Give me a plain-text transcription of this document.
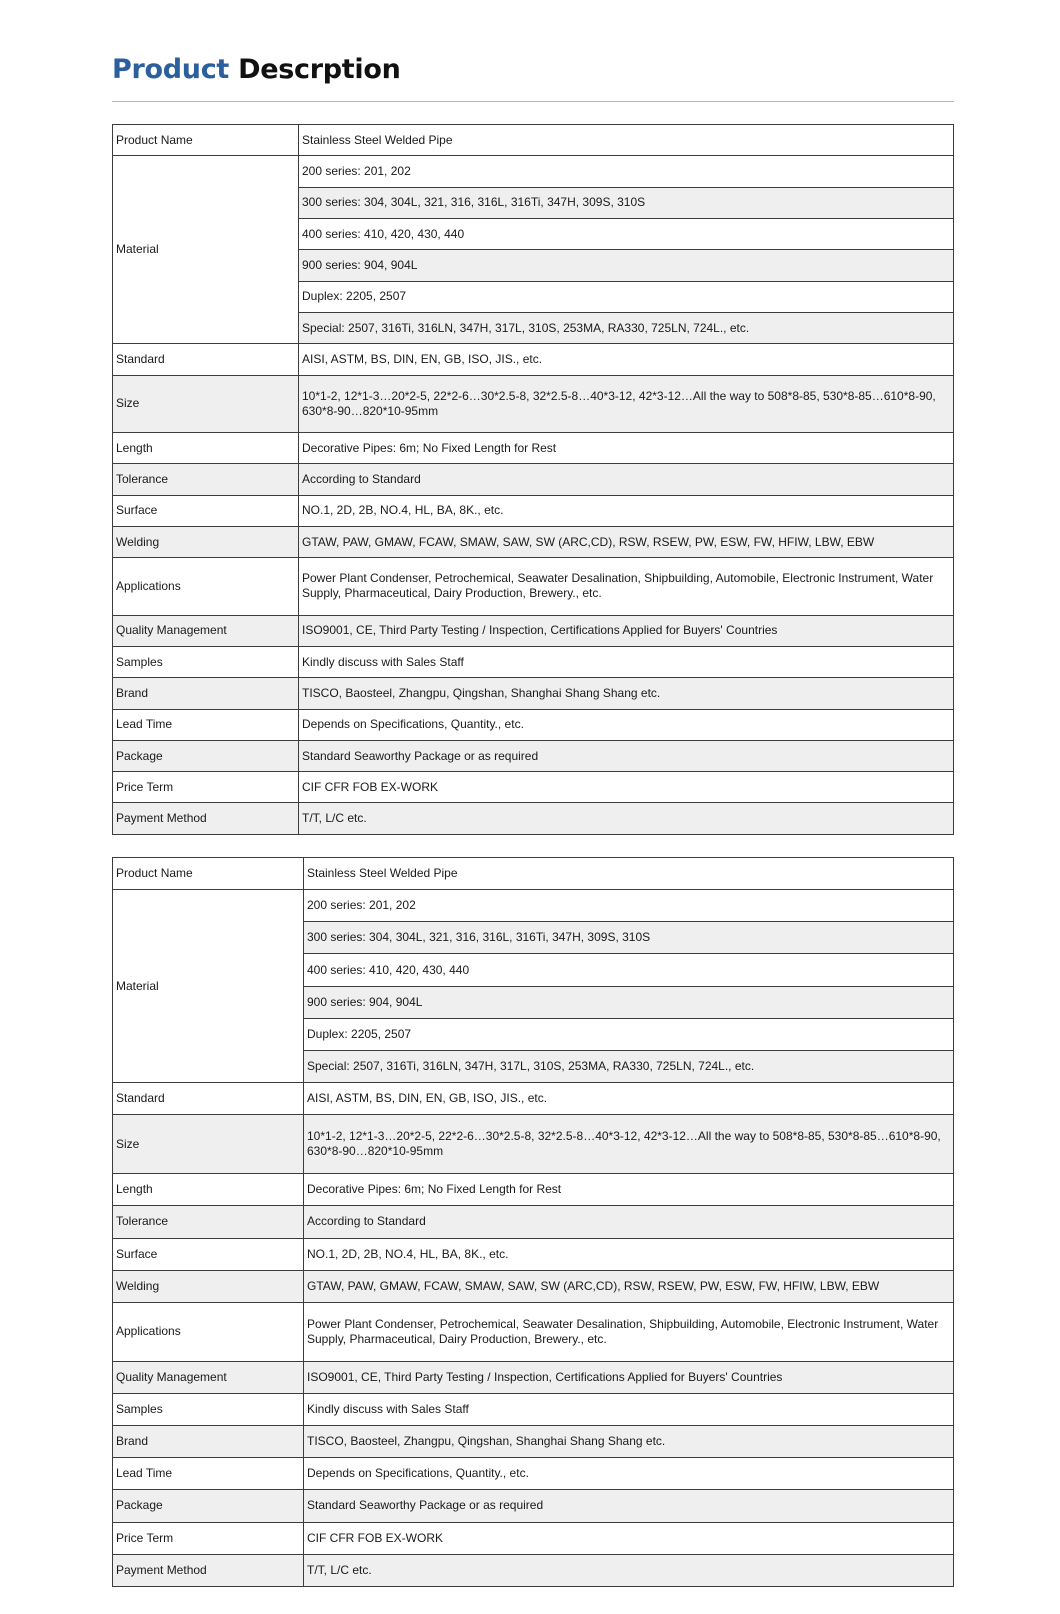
Product Descrption
Product Name	Stainless Steel Welded Pipe
Material	200 series: 201, 202
	300 series: 304, 304L, 321, 316, 316L, 316Ti, 347H, 309S, 310S
	400 series: 410, 420, 430, 440
	900 series: 904, 904L
	Duplex: 2205, 2507
	Special: 2507, 316Ti, 316LN, 347H, 317L, 310S, 253MA, RA330, 725LN, 724L., etc.
Standard	AISI, ASTM, BS, DIN, EN, GB, ISO, JIS., etc.
Size	10*1-2, 12*1-3…20*2-5, 22*2-6…30*2.5-8, 32*2.5-8…40*3-12, 42*3-12…All the way to 508*8-85, 530*8-85…610*8-90, 630*8-90…820*10-95mm
Length	Decorative Pipes: 6m; No Fixed Length for Rest
Tolerance	According to Standard
Surface	NO.1, 2D, 2B, NO.4, HL, BA, 8K., etc.
Welding	GTAW, PAW, GMAW, FCAW, SMAW, SAW, SW (ARC,CD), RSW, RSEW, PW, ESW, FW, HFIW, LBW, EBW
Applications	Power Plant Condenser, Petrochemical, Seawater Desalination, Shipbuilding, Automobile, Electronic Instrument, Water Supply, Pharmaceutical, Dairy Production, Brewery., etc.
Quality Management	ISO9001, CE, Third Party Testing / Inspection, Certifications Applied for Buyers' Countries
Samples	Kindly discuss with Sales Staff
Brand	TISCO, Baosteel, Zhangpu, Qingshan, Shanghai Shang Shang etc.
Lead Time	Depends on Specifications, Quantity., etc.
Package	Standard Seaworthy Package or as required
Price Term	CIF CFR FOB EX-WORK
Payment Method	T/T, L/C etc.
Product Name	Stainless Steel Welded Pipe
Material	200 series: 201, 202
	300 series: 304, 304L, 321, 316, 316L, 316Ti, 347H, 309S, 310S
	400 series: 410, 420, 430, 440
	900 series: 904, 904L
	Duplex: 2205, 2507
	Special: 2507, 316Ti, 316LN, 347H, 317L, 310S, 253MA, RA330, 725LN, 724L., etc.
Standard	AISI, ASTM, BS, DIN, EN, GB, ISO, JIS., etc.
Size	10*1-2, 12*1-3…20*2-5, 22*2-6…30*2.5-8, 32*2.5-8…40*3-12, 42*3-12…All the way to 508*8-85, 530*8-85…610*8-90, 630*8-90…820*10-95mm
Length	Decorative Pipes: 6m; No Fixed Length for Rest
Tolerance	According to Standard
Surface	NO.1, 2D, 2B, NO.4, HL, BA, 8K., etc.
Welding	GTAW, PAW, GMAW, FCAW, SMAW, SAW, SW (ARC,CD), RSW, RSEW, PW, ESW, FW, HFIW, LBW, EBW
Applications	Power Plant Condenser, Petrochemical, Seawater Desalination, Shipbuilding, Automobile, Electronic Instrument, Water Supply, Pharmaceutical, Dairy Production, Brewery., etc.
Quality Management	ISO9001, CE, Third Party Testing / Inspection, Certifications Applied for Buyers' Countries
Samples	Kindly discuss with Sales Staff
Brand	TISCO, Baosteel, Zhangpu, Qingshan, Shanghai Shang Shang etc.
Lead Time	Depends on Specifications, Quantity., etc.
Package	Standard Seaworthy Package or as required
Price Term	CIF CFR FOB EX-WORK
Payment Method	T/T, L/C etc.
